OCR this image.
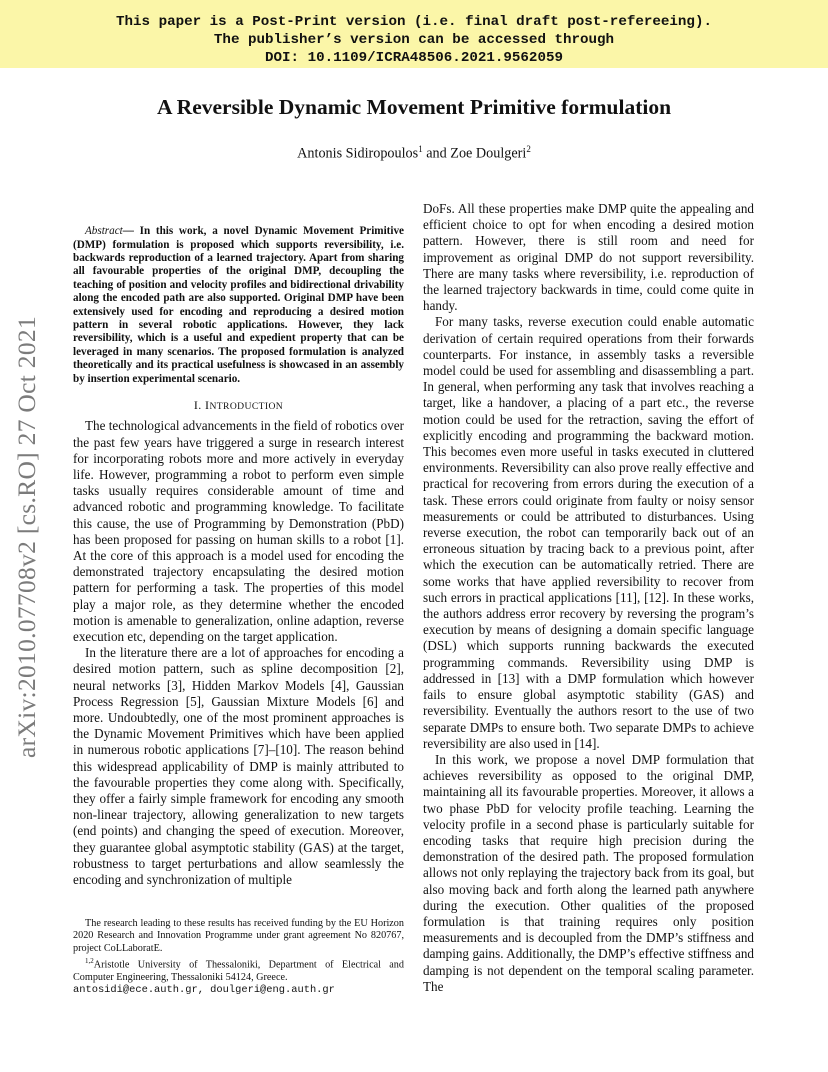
This paper is a Post-Print version (i.e. final draft post-refereeing).
The publisher’s version can be accessed through
DOI: 10.1109/ICRA48506.2021.9562059
A Reversible Dynamic Movement Primitive formulation
Antonis Sidiropoulos$^1$ and Zoe Doulgeri$^2$
arXiv:2010.07708v2 [cs.RO] 27 Oct 2021

Abstract— In this work, a novel Dynamic Movement Primitive (DMP) formulation is proposed which supports reversibility, i.e. backwards reproduction of a learned trajectory. Apart from sharing all favourable properties of the original DMP, decoupling the teaching of position and velocity profiles and bidirectional drivability along the encoded path are also supported. Original DMP have been extensively used for encoding and reproducing a desired motion pattern in several robotic applications. However, they lack reversibility, which is a useful and expedient property that can be leveraged in many scenarios. The proposed formulation is analyzed theoretically and its practical usefulness is showcased in an assembly by insertion experimental scenario.

I. INTRODUCTION

The technological advancements in the field of robotics over the past few years have triggered a surge in research interest for incorporating robots more and more actively in everyday life. However, programming a robot to perform even simple tasks usually requires considerable amount of time and advanced robotic and programming knowledge. To facilitate this cause, the use of Programming by Demonstration (PbD) has been proposed for passing on human skills to a robot [1]. At the core of this approach is a model used for encoding the demonstrated trajectory encapsulating the desired motion pattern for performing a task. The properties of this model play a major role, as they determine whether the encoded motion is amenable to generalization, online adaption, reverse execution etc, depending on the target application.

In the literature there are a lot of approaches for encoding a desired motion pattern, such as spline decomposition [2], neural networks [3], Hidden Markov Models [4], Gaussian Process Regression [5], Gaussian Mixture Models [6] and more. Undoubtedly, one of the most prominent approaches is the Dynamic Movement Primitives which have been applied in numerous robotic applications [7]–[10]. The reason behind this widespread applicability of DMP is mainly attributed to the favourable properties they come along with. Specifically, they offer a fairly simple framework for encoding any smooth non-linear trajectory, allowing generalization to new targets (end points) and changing the speed of execution. Moreover, they guarantee global asymptotic stability (GAS) at the target, robustness to target perturbations and allow seamlessly the encoding and synchronization of multiple

The research leading to these results has received funding by the EU Horizon 2020 Research and Innovation Programme under grant agreement No 820767, project CoLLaboratE.

$^{1,2}$Aristotle University of Thessaloniki, Department of Electrical and Computer Engineering, Thessaloniki 54124, Greece.
antosidi@ece.auth.gr, doulgeri@eng.auth.gr

DoFs. All these properties make DMP quite the appealing and efficient choice to opt for when encoding a desired motion pattern. However, there is still room and need for improvement as original DMP do not support reversibility. There are many tasks where reversibility, i.e. reproduction of the learned trajectory backwards in time, could come quite in handy.

For many tasks, reverse execution could enable automatic derivation of certain required operations from their forwards counterparts. For instance, in assembly tasks a reversible model could be used for assembling and disassembling a part. In general, when performing any task that involves reaching a target, like a handover, a placing of a part etc., the reverse motion could be used for the retraction, saving the effort of explicitly encoding and programming the backward motion. This becomes even more useful in tasks executed in cluttered environments. Reversibility can also prove really effective and practical for recovering from errors during the execution of a task. These errors could originate from faulty or noisy sensor measurements or could be attributed to disturbances. Using reverse execution, the robot can temporarily back out of an erroneous situation by tracing back to a previous point, after which the execution can be automatically retried. There are some works that have applied reversibility to recover from such errors in practical applications [11], [12]. In these works, the authors address error recovery by reversing the program’s execution by means of designing a domain specific language (DSL) which supports running backwards the executed programming commands. Reversibility using DMP is addressed in [13] with a DMP formulation which however fails to ensure global asymptotic stability (GAS) and reversibility. Eventually the authors resort to the use of two separate DMPs to ensure both. Two separate DMPs to achieve reversibility are also used in [14].

In this work, we propose a novel DMP formulation that achieves reversibility as opposed to the original DMP, maintaining all its favourable properties. Moreover, it allows a two phase PbD for velocity profile teaching. Learning the velocity profile in a second phase is particularly suitable for encoding tasks that require high precision during the demonstration of the desired path. The proposed formulation allows not only replaying the trajectory back from its goal, but also moving back and forth along the learned path anywhere during the execution. Other qualities of the proposed formulation is that training requires only position measurements and is decoupled from the DMP’s stiffness and damping gains. Additionally, the DMP’s effective stiffness and damping is not dependent on the temporal scaling parameter. The
